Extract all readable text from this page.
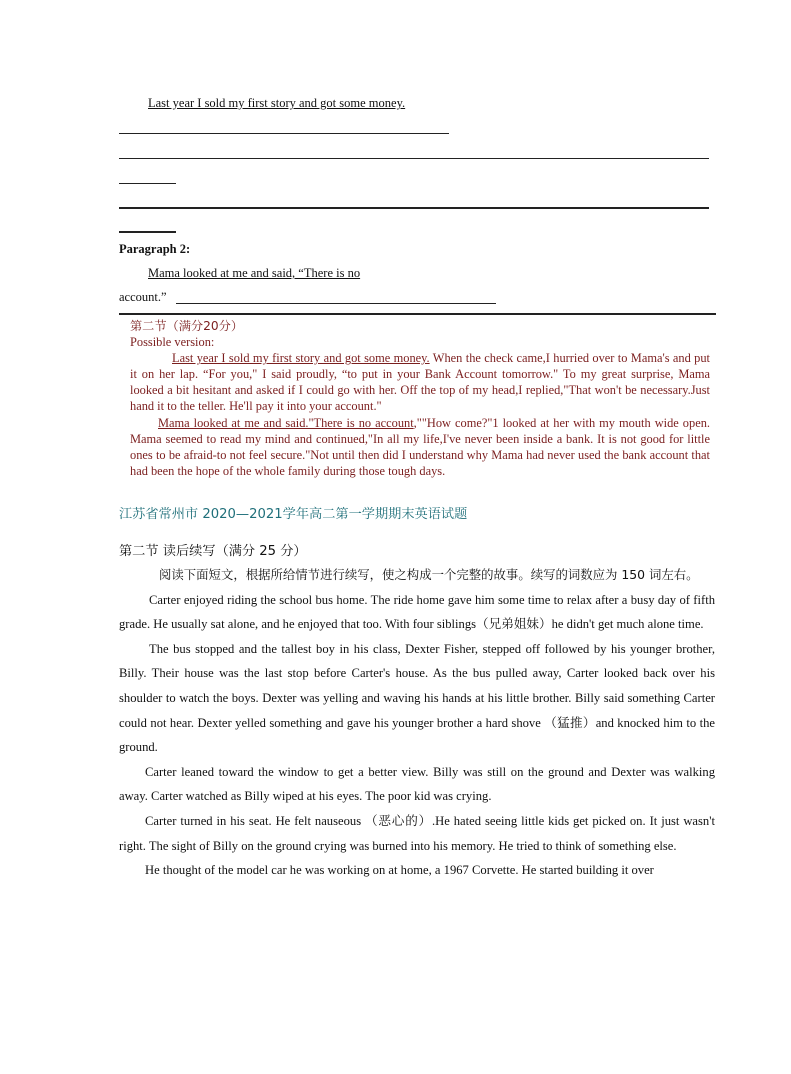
Last year I sold my first story and got some money.
Paragraph 2:
Mama looked at me and said, “There is no
account.”
第二节（满分20分）
Possible version:
Last year I sold my first story and got some money. When the check came,I hurried over to Mama's and put it on her lap. “For you," I said proudly, “to put in your Bank Account tomorrow." To my great surprise, Mama looked a bit hesitant and asked if I could go with her. Off the top of my head,I replied,"That won't be necessary.Just hand it to the teller. He'll pay it into your account."
Mama looked at me and said."There is no account,""How come?"1 looked at her with my mouth wide open. Mama seemed to read my mind and continued,"In all my life,I've never been inside a bank. It is not good for little ones to be afraid-to not feel secure."Not until then did I understand why Mama had never used the bank account that had been the hope of the whole family during those tough days.
江苏省常州市 2020—2021学年高二第一学期期末英语试题
第二节 读后续写（满分 25 分）

阅读下面短文，根据所给情节进行续写，使之构成一个完整的故事。续写的词数应为 150 词左右。

Carter enjoyed riding the school bus home. The ride home gave him some time to relax after a busy day of fifth grade. He usually sat alone, and he enjoyed that too. With four siblings（兄弟姐妹）he didn't get much alone time.

The bus stopped and the tallest boy in his class, Dexter Fisher, stepped off followed by his younger brother, Billy. Their house was the last stop before Carter's house. As the bus pulled away, Carter looked back over his shoulder to watch the boys. Dexter was yelling and waving his hands at his little brother. Billy said something Carter could not hear. Dexter yelled something and gave his younger brother a hard shove （猛推）and knocked him to the ground.

Carter leaned toward the window to get a better view. Billy was still on the ground and Dexter was walking away. Carter watched as Billy wiped at his eyes. The poor kid was crying.

Carter turned in his seat. He felt nauseous （恶心的）.He hated seeing little kids get picked on. It just wasn't right. The sight of Billy on the ground crying was burned into his memory. He tried to think of something else.

He thought of the model car he was working on at home, a 1967 Corvette. He started building it over
